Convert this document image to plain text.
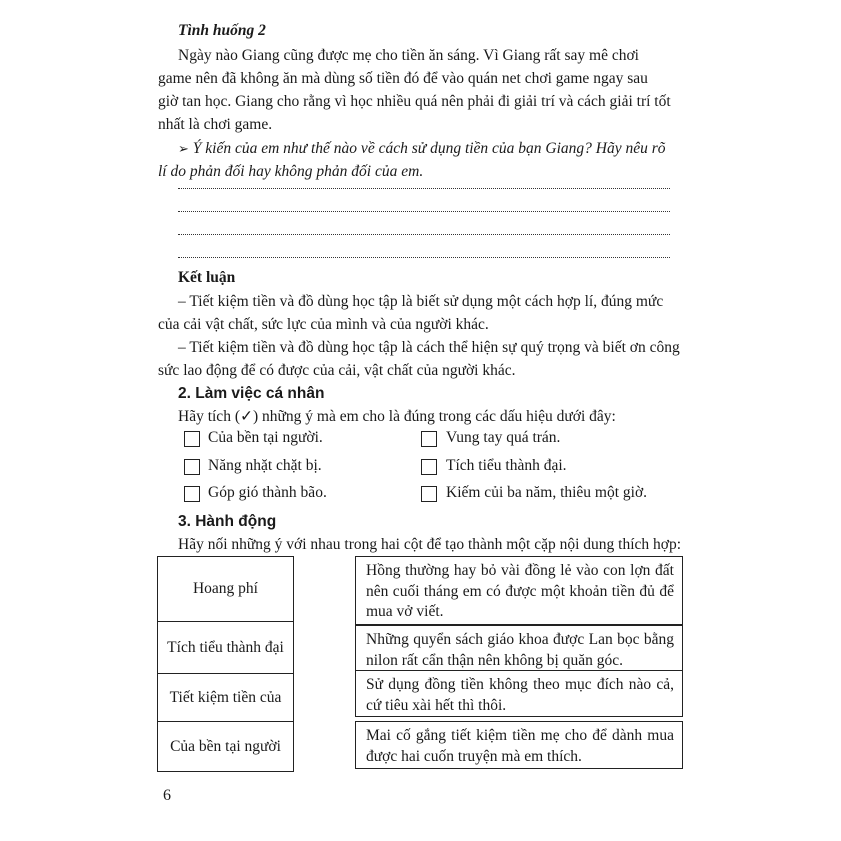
Tình huống 2
Ngày nào Giang cũng được mẹ cho tiền ăn sáng. Vì Giang rất say mê chơi
game nên đã không ăn mà dùng số tiền đó để vào quán net chơi game ngay sau
giờ tan học. Giang cho rằng vì học nhiều quá nên phải đi giải trí và cách giải trí tốt
nhất là chơi game.
➢ Ý kiến của em như thế nào về cách sử dụng tiền của bạn Giang? Hãy nêu rõ
lí do phản đối hay không phản đối của em.
Kết luận
– Tiết kiệm tiền và đồ dùng học tập là biết sử dụng một cách hợp lí, đúng mức
của cải vật chất, sức lực của mình và của người khác.
– Tiết kiệm tiền và đồ dùng học tập là cách thể hiện sự quý trọng và biết ơn công
sức lao động để có được của cải, vật chất của người khác.
2. Làm việc cá nhân
Hãy tích (✓) những ý mà em cho là đúng trong các dấu hiệu dưới đây:
Của bền tại người.
Năng nhặt chặt bị.
Góp gió thành bão.
Vung tay quá trán.
Tích tiểu thành đại.
Kiếm củi ba năm, thiêu một giờ.
3. Hành động
Hãy nối những ý với nhau trong hai cột để tạo thành một cặp nội dung thích hợp:
Hoang phí
Tích tiểu thành đại
Tiết kiệm tiền của
Của bền tại người
Hồng thường hay bỏ vài đồng lẻ vào con lợn đất
nên cuối tháng em có được một khoản tiền đủ để
mua vở viết.
Những quyển sách giáo khoa được Lan bọc bằng
nilon rất cẩn thận nên không bị quăn góc.
Sử dụng đồng tiền không theo mục đích nào cả,
cứ tiêu xài hết thì thôi.
Mai cố gắng tiết kiệm tiền mẹ cho để dành mua
được hai cuốn truyện mà em thích.
6
